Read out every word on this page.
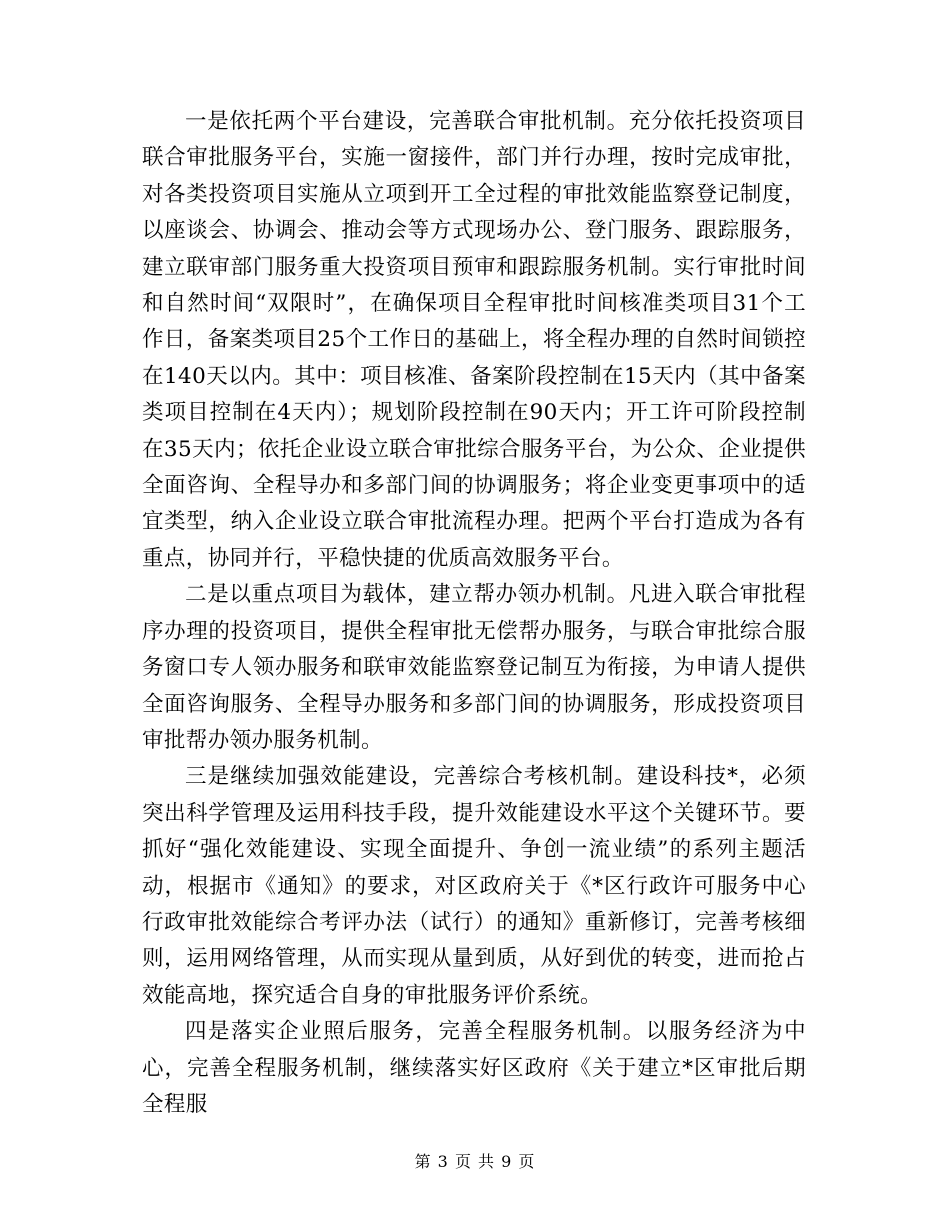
一是依托两个平台建设，完善联合审批机制。充分依托投资项目联合审批服务平台，实施一窗接件，部门并行办理，按时完成审批，对各类投资项目实施从立项到开工全过程的审批效能监察登记制度，以座谈会、协调会、推动会等方式现场办公、登门服务、跟踪服务，建立联审部门服务重大投资项目预审和跟踪服务机制。实行审批时间和自然时间“双限时”，在确保项目全程审批时间核准类项目31个工作日，备案类项目25个工作日的基础上，将全程办理的自然时间锁控在140天以内。其中：项目核准、备案阶段控制在15天内（其中备案类项目控制在4天内）；规划阶段控制在90天内；开工许可阶段控制在35天内；依托企业设立联合审批综合服务平台，为公众、企业提供全面咨询、全程导办和多部门间的协调服务；将企业变更事项中的适宜类型，纳入企业设立联合审批流程办理。把两个平台打造成为各有重点，协同并行，平稳快捷的优质高效服务平台。

二是以重点项目为载体，建立帮办领办机制。凡进入联合审批程序办理的投资项目，提供全程审批无偿帮办服务，与联合审批综合服务窗口专人领办服务和联审效能监察登记制互为衔接，为申请人提供全面咨询服务、全程导办服务和多部门间的协调服务，形成投资项目审批帮办领办服务机制。

三是继续加强效能建设，完善综合考核机制。建设科技*，必须突出科学管理及运用科技手段，提升效能建设水平这个关键环节。要抓好“强化效能建设、实现全面提升、争创一流业绩”的系列主题活动，根据市《通知》的要求，对区政府关于《*区行政许可服务中心行政审批效能综合考评办法（试行）的通知》重新修订，完善考核细则，运用网络管理，从而实现从量到质，从好到优的转变，进而抢占效能高地，探究适合自身的审批服务评价系统。

四是落实企业照后服务，完善全程服务机制。以服务经济为中心，完善全程服务机制，继续落实好区政府《关于建立*区审批后期全程服

第 3 页 共 9 页
